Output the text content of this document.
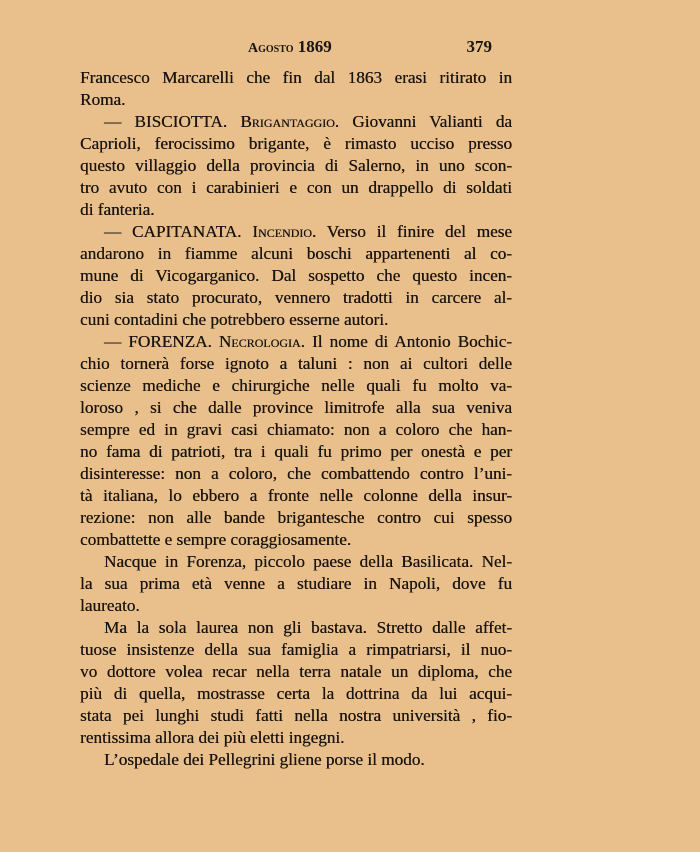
Agosto 1869	379
Francesco Marcarelli che fin dal 1863 erasi ritirato in
Roma.
— BISCIOTTA. Brigantaggio. Giovanni Valianti da
Caprioli, ferocissimo brigante, è rimasto ucciso presso
questo villaggio della provincia di Salerno, in uno scon-
tro avuto con i carabinieri e con un drappello di soldati
di fanteria.
— CAPITANATA. Incendio. Verso il finire del mese
andarono in fiamme alcuni boschi appartenenti al co-
mune di Vicogarganico. Dal sospetto che questo incen-
dio sia stato procurato, vennero tradotti in carcere al-
cuni contadini che potrebbero esserne autori.
— FORENZA. Necrologia. Il nome di Antonio Bochic-
chio tornerà forse ignoto a taluni : non ai cultori delle
scienze mediche e chirurgiche nelle quali fu molto va-
loroso , si che dalle province limitrofe alla sua veniva
sempre ed in gravi casi chiamato: non a coloro che han-
no fama di patrioti, tra i quali fu primo per onestà e per
disinteresse: non a coloro, che combattendo contro l’uni-
tà italiana, lo ebbero a fronte nelle colonne della insur-
rezione: non alle bande brigantesche contro cui spesso
combattette e sempre coraggiosamente.
Nacque in Forenza, piccolo paese della Basilicata. Nel-
la sua prima età venne a studiare in Napoli, dove fu
laureato.
Ma la sola laurea non gli bastava. Stretto dalle affet-
tuose insistenze della sua famiglia a rimpatriarsi, il nuo-
vo dottore volea recar nella terra natale un diploma, che
più di quella, mostrasse certa la dottrina da lui acqui-
stata pei lunghi studi fatti nella nostra università , fio-
rentissima allora dei più eletti ingegni.
L’ospedale dei Pellegrini gliene porse il modo.
